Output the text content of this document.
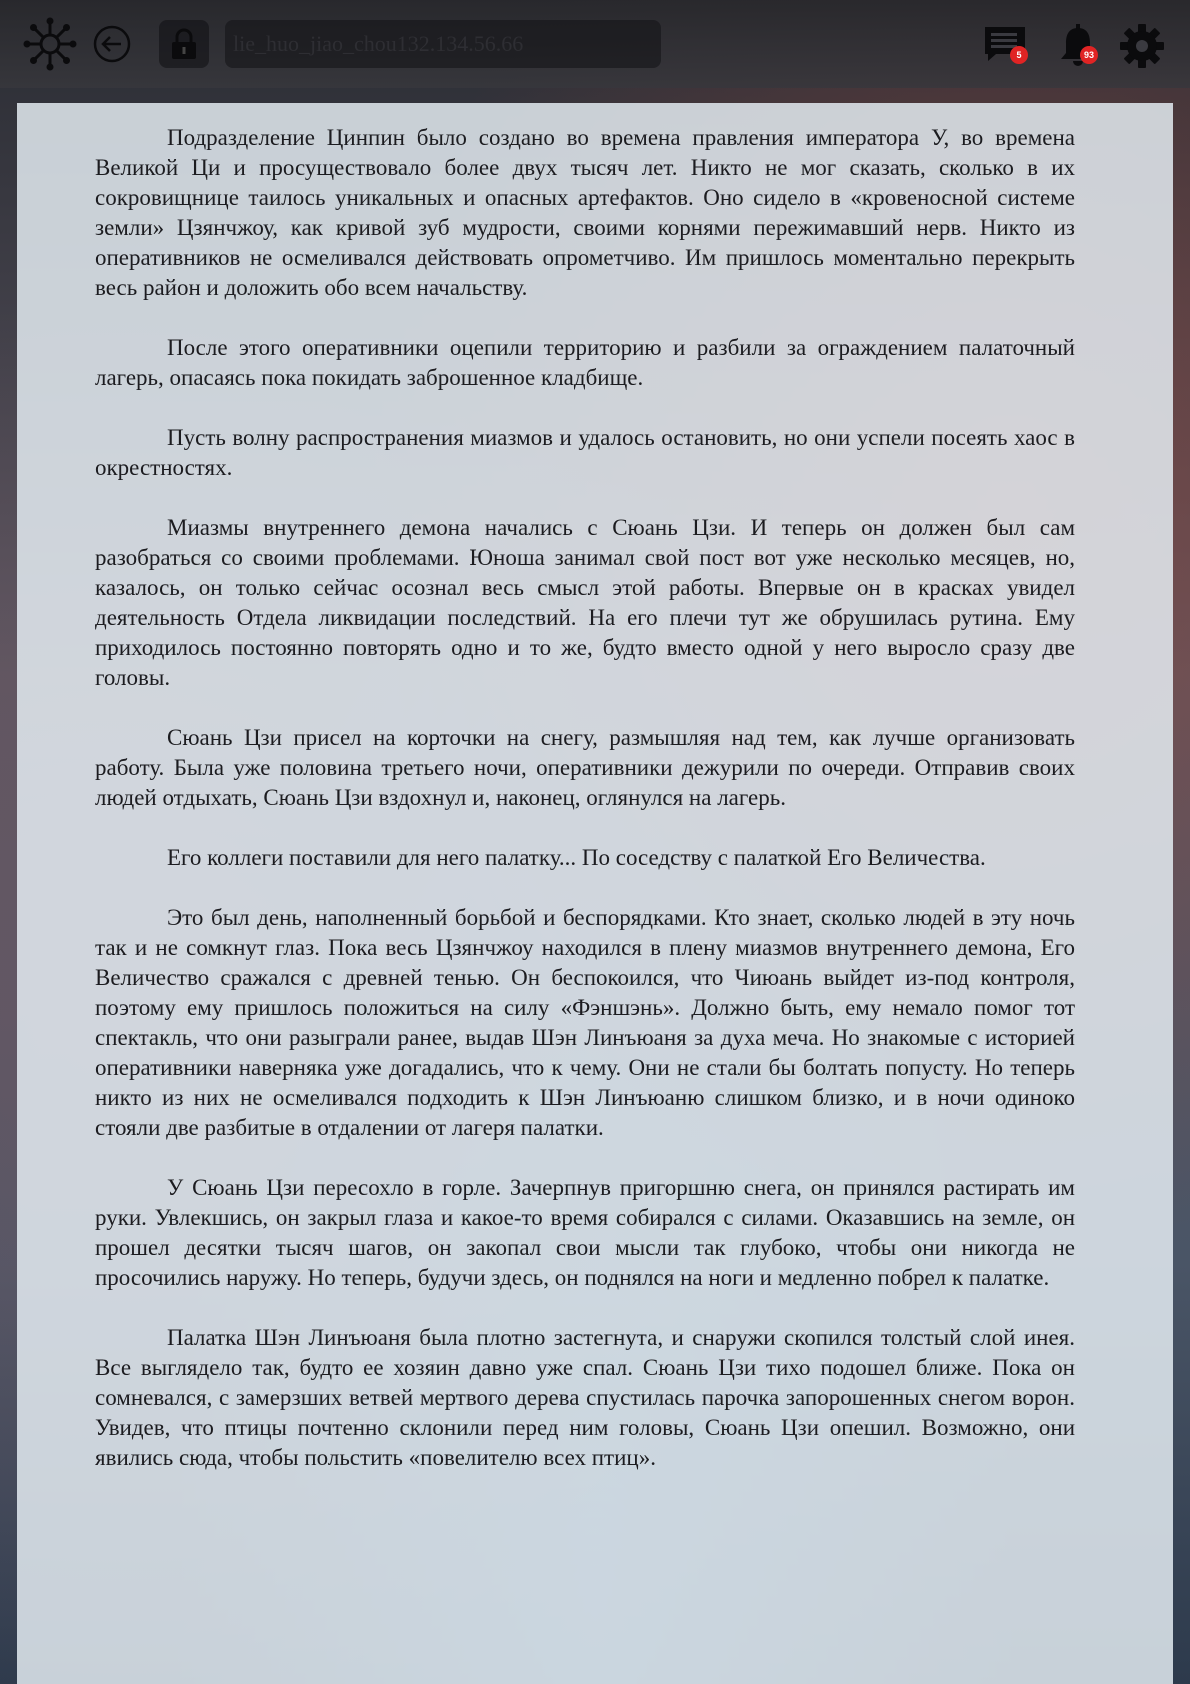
lie_huo_jiao_chou132.134.56.66	5	93

Подразделение Цинпин было создано во времена правления императора У, во времена Великой Ци и просуществовало более двух тысяч лет. Никто не мог сказать, сколько в их сокровищнице таилось уникальных и опасных артефактов. Оно сидело в «кровеносной системе земли» Цзянчжоу, как кривой зуб мудрости, своими корнями пережимавший нерв. Никто из оперативников не осмеливался действовать опрометчиво. Им пришлось моментально перекрыть весь район и доложить обо всем начальству.

После этого оперативники оцепили территорию и разбили за ограждением палаточный лагерь, опасаясь пока покидать заброшенное кладбище.

Пусть волну распространения миазмов и удалось остановить, но они успели посеять хаос в окрестностях.

Миазмы внутреннего демона начались с Сюань Цзи. И теперь он должен был сам разобраться со своими проблемами. Юноша занимал свой пост вот уже несколько месяцев, но, казалось, он только сейчас осознал весь смысл этой работы. Впервые он в красках увидел деятельность Отдела ликвидации последствий. На его плечи тут же обрушилась рутина. Ему приходилось постоянно повторять одно и то же, будто вместо одной у него выросло сразу две головы.

Сюань Цзи присел на корточки на снегу, размышляя над тем, как лучше организовать работу. Была уже половина третьего ночи, оперативники дежурили по очереди. Отправив своих людей отдыхать, Сюань Цзи вздохнул и, наконец, оглянулся на лагерь.

Его коллеги поставили для него палатку... По соседству с палаткой Его Величества.

Это был день, наполненный борьбой и беспорядками. Кто знает, сколько людей в эту ночь так и не сомкнут глаз. Пока весь Цзянчжоу находился в плену миазмов внутреннего демона, Его Величество сражался с древней тенью. Он беспокоился, что Чиюань выйдет из-под контроля, поэтому ему пришлось положиться на силу «Фэншэнь». Должно быть, ему немало помог тот спектакль, что они разыграли ранее, выдав Шэн Линъюаня за духа меча. Но знакомые с историей оперативники наверняка уже догадались, что к чему. Они не стали бы болтать попусту. Но теперь никто из них не осмеливался подходить к Шэн Линъюаню слишком близко, и в ночи одиноко стояли две разбитые в отдалении от лагеря палатки.

У Сюань Цзи пересохло в горле. Зачерпнув пригоршню снега, он принялся растирать им руки. Увлекшись, он закрыл глаза и какое-то время собирался с силами. Оказавшись на земле, он прошел десятки тысяч шагов, он закопал свои мысли так глубоко, чтобы они никогда не просочились наружу. Но теперь, будучи здесь, он поднялся на ноги и медленно побрел к палатке.

Палатка Шэн Линъюаня была плотно застегнута, и снаружи скопился толстый слой инея. Все выглядело так, будто ее хозяин давно уже спал. Сюань Цзи тихо подошел ближе. Пока он сомневался, с замерзших ветвей мертвого дерева спустилась парочка запорошенных снегом ворон. Увидев, что птицы почтенно склонили перед ним головы, Сюань Цзи опешил. Возможно, они явились сюда, чтобы польстить «повелителю всех птиц».
